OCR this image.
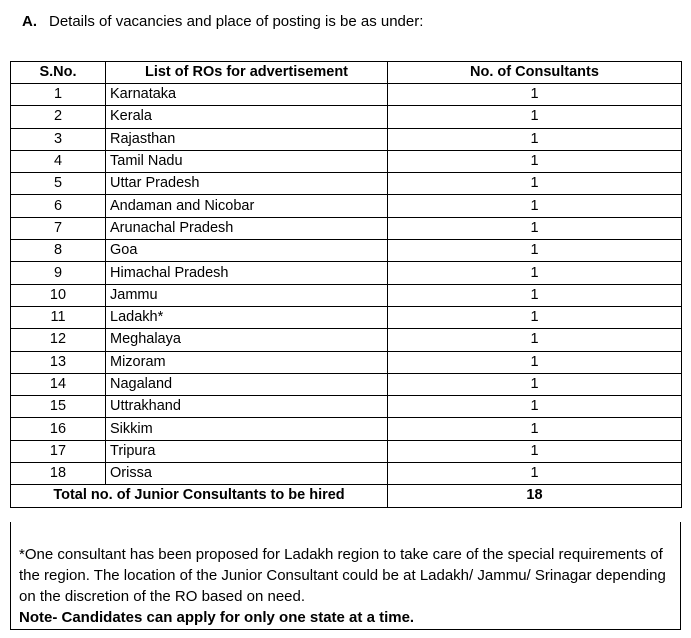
A. Details of vacancies and place of posting is be as under:
S.No.	List of ROs for advertisement	No. of Consultants
1	Karnataka	1
2	Kerala	1
3	Rajasthan	1
4	Tamil Nadu	1
5	Uttar Pradesh	1
6	Andaman and Nicobar	1
7	Arunachal Pradesh	1
8	Goa	1
9	Himachal Pradesh	1
10	Jammu	1
11	Ladakh*	1
12	Meghalaya	1
13	Mizoram	1
14	Nagaland	1
15	Uttrakhand	1
16	Sikkim	1
17	Tripura	1
18	Orissa	1
Total no. of Junior Consultants to be hired		18
*One consultant has been proposed for Ladakh region to take care of the special requirements of the region. The location of the Junior Consultant could be at Ladakh/ Jammu/ Srinagar depending on the discretion of the RO based on need.
Note- Candidates can apply for only one state at a time.
